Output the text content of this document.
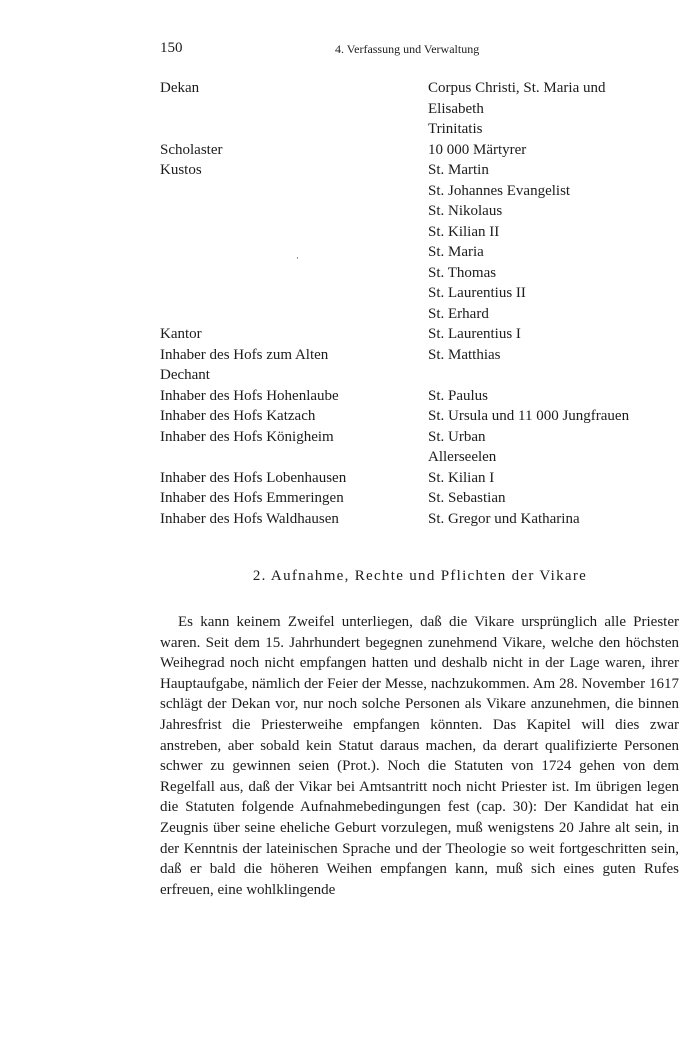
150	4. Verfassung und Verwaltung
Dekan	Corpus Christi, St. Maria und
Elisabeth
Trinitatis
Scholaster	10 000 Märtyrer
Kustos	St. Martin
St. Johannes Evangelist
St. Nikolaus
St. Kilian II
St. Maria
St. Thomas
St. Laurentius II
St. Erhard
Kantor	St. Laurentius I
Inhaber des Hofs zum Alten	St. Matthias
Dechant
Inhaber des Hofs Hohenlaube	St. Paulus
Inhaber des Hofs Katzach	St. Ursula und 11 000 Jungfrauen
Inhaber des Hofs Königheim	St. Urban
Allerseelen
Inhaber des Hofs Lobenhausen	St. Kilian I
Inhaber des Hofs Emmeringen	St. Sebastian
Inhaber des Hofs Waldhausen	St. Gregor und Katharina
·
2. Aufnahme, Rechte und Pflichten der Vikare

Es kann keinem Zweifel unterliegen, daß die Vikare ursprünglich alle Priester waren. Seit dem 15. Jahrhundert begegnen zunehmend Vikare, welche den höchsten Weihegrad noch nicht empfangen hatten und deshalb nicht in der Lage waren, ihrer Hauptaufgabe, nämlich der Feier der Messe, nachzukommen. Am 28. November 1617 schlägt der Dekan vor, nur noch solche Personen als Vikare anzunehmen, die binnen Jahresfrist die Priesterweihe empfangen könnten. Das Kapitel will dies zwar anstreben, aber sobald kein Statut daraus machen, da derart qualifizierte Personen schwer zu gewinnen seien (Prot.). Noch die Statuten von 1724 gehen von dem Regelfall aus, daß der Vikar bei Amtsantritt noch nicht Priester ist. Im übrigen legen die Statuten folgende Aufnahmebedingungen fest (cap. 30): Der Kandidat hat ein Zeugnis über seine eheliche Geburt vorzulegen, muß wenigstens 20 Jahre alt sein, in der Kenntnis der lateinischen Sprache und der Theologie so weit fortgeschritten sein, daß er bald die höheren Weihen empfangen kann, muß sich eines guten Rufes erfreuen, eine wohlklingende
